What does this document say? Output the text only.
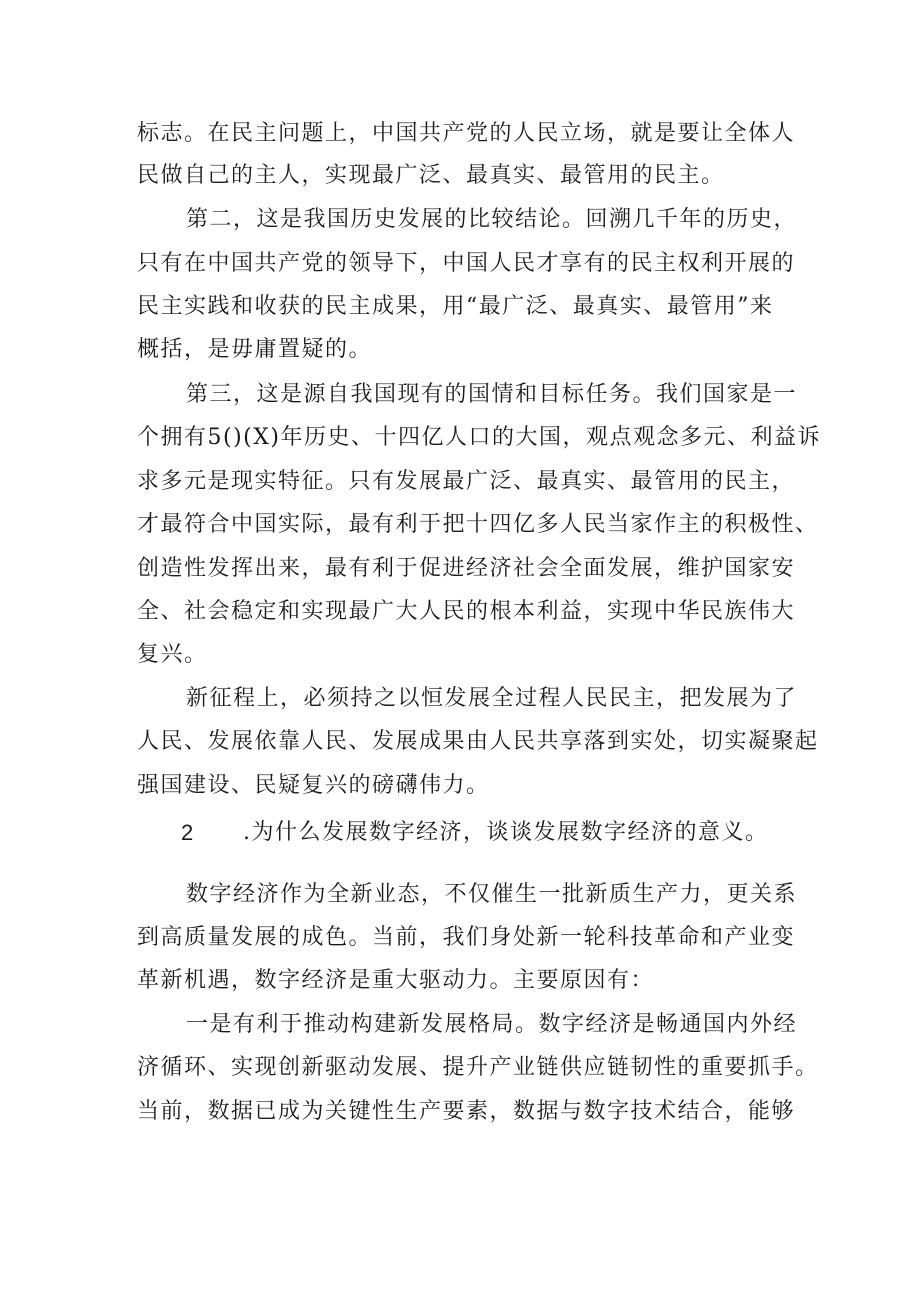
标志。在民主问题上，中国共产党的人民立场，就是要让全体人
民做自己的主人，实现最广泛、最真实、最管用的民主。
第二，这是我国历史发展的比较结论。回溯几千年的历史，
只有在中国共产党的领导下，中国人民才享有的民主权利开展的
民主实践和收获的民主成果，用“最广泛、最真实、最管用”来
概括，是毋庸置疑的。
第三，这是源自我国现有的国情和目标任务。我们国家是一
个拥有5()(X)年历史、十四亿人口的大国，观点观念多元、利益诉
求多元是现实特征。只有发展最广泛、最真实、最管用的民主，
才最符合中国实际，最有利于把十四亿多人民当家作主的积极性、
创造性发挥出来，最有利于促进经济社会全面发展，维护国家安
全、社会稳定和实现最广大人民的根本利益，实现中华民族伟大
复兴。
新征程上，必须持之以恒发展全过程人民民主，把发展为了
人民、发展依靠人民、发展成果由人民共享落到实处，切实凝聚起
强国建设、民疑复兴的磅礴伟力。
2 .为什么发展数字经济，谈谈发展数字经济的意义。
数字经济作为全新业态，不仅催生一批新质生产力，更关系
到高质量发展的成色。当前，我们身处新一轮科技革命和产业变
革新机遇，数字经济是重大驱动力。主要原因有：
一是有利于推动构建新发展格局。数字经济是畅通国内外经
济循环、实现创新驱动发展、提升产业链供应链韧性的重要抓手。
当前，数据已成为关键性生产要素，数据与数字技术结合，能够
